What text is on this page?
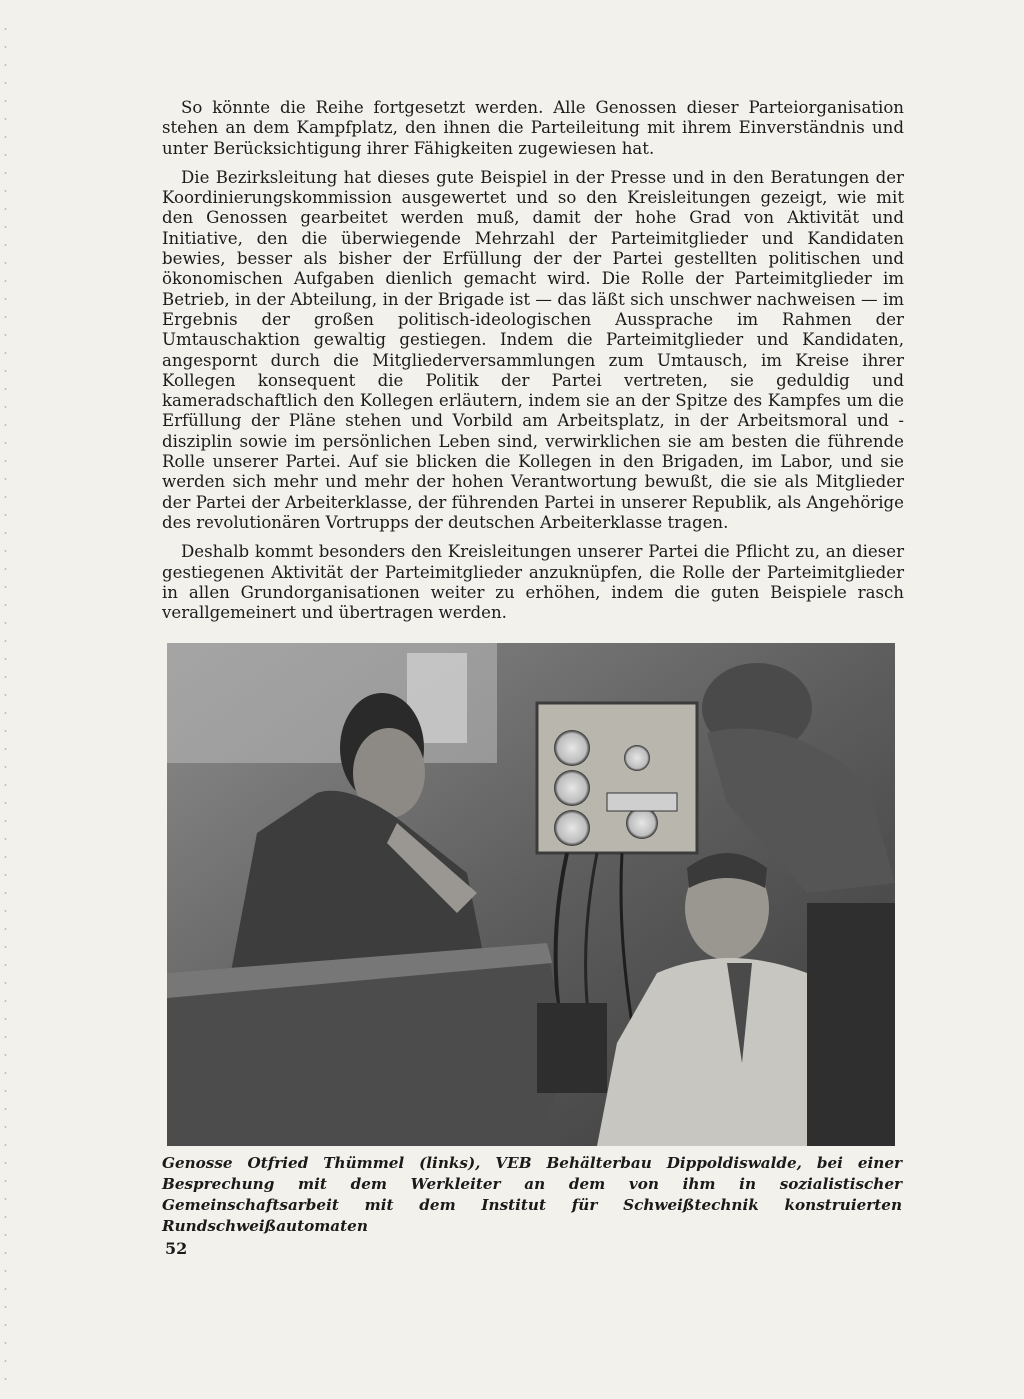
So könnte die Reihe fortgesetzt werden. Alle Genossen dieser Parteiorganisation stehen an dem Kampfplatz, den ihnen die Parteileitung mit ihrem Einverständnis und unter Berücksichtigung ihrer Fähigkeiten zugewiesen hat.

Die Bezirksleitung hat dieses gute Beispiel in der Presse und in den Beratungen der Koordinierungskommission ausgewertet und so den Kreisleitungen gezeigt, wie mit den Genossen gearbeitet werden muß, damit der hohe Grad von Aktivität und Initiative, den die überwiegende Mehrzahl der Parteimitglieder und Kandidaten bewies, besser als bisher der Erfüllung der der Partei gestellten politischen und ökonomischen Aufgaben dienlich gemacht wird. Die Rolle der Parteimitglieder im Betrieb, in der Abteilung, in der Brigade ist — das läßt sich unschwer nachweisen — im Ergebnis der großen politisch-ideologischen Aussprache im Rahmen der Umtauschaktion gewaltig gestiegen. Indem die Parteimitglieder und Kandidaten, angespornt durch die Mitgliederversammlungen zum Umtausch, im Kreise ihrer Kollegen konsequent die Politik der Partei vertreten, sie geduldig und kameradschaftlich den Kollegen erläutern, indem sie an der Spitze des Kampfes um die Erfüllung der Pläne stehen und Vorbild am Arbeitsplatz, in der Arbeitsmoral und -disziplin sowie im persönlichen Leben sind, verwirklichen sie am besten die führende Rolle unserer Partei. Auf sie blicken die Kollegen in den Brigaden, im Labor, und sie werden sich mehr und mehr der hohen Verantwortung bewußt, die sie als Mitglieder der Partei der Arbeiterklasse, der führenden Partei in unserer Republik, als Angehörige des revolutionären Vortrupps der deutschen Arbeiterklasse tragen.

Deshalb kommt besonders den Kreisleitungen unserer Partei die Pflicht zu, an dieser gestiegenen Aktivität der Parteimitglieder anzuknüpfen, die Rolle der Parteimitglieder in allen Grundorganisationen weiter zu erhöhen, indem die guten Beispiele rasch verallgemeinert und übertragen werden.

Genosse Otfried Thümmel (links), VEB Behälterbau Dippoldiswalde, bei einer Besprechung mit dem Werkleiter an dem von ihm in sozialistischer Gemeinschaftsarbeit mit dem Institut für Schweißtechnik konstruierten Rundschweißautomaten
52
